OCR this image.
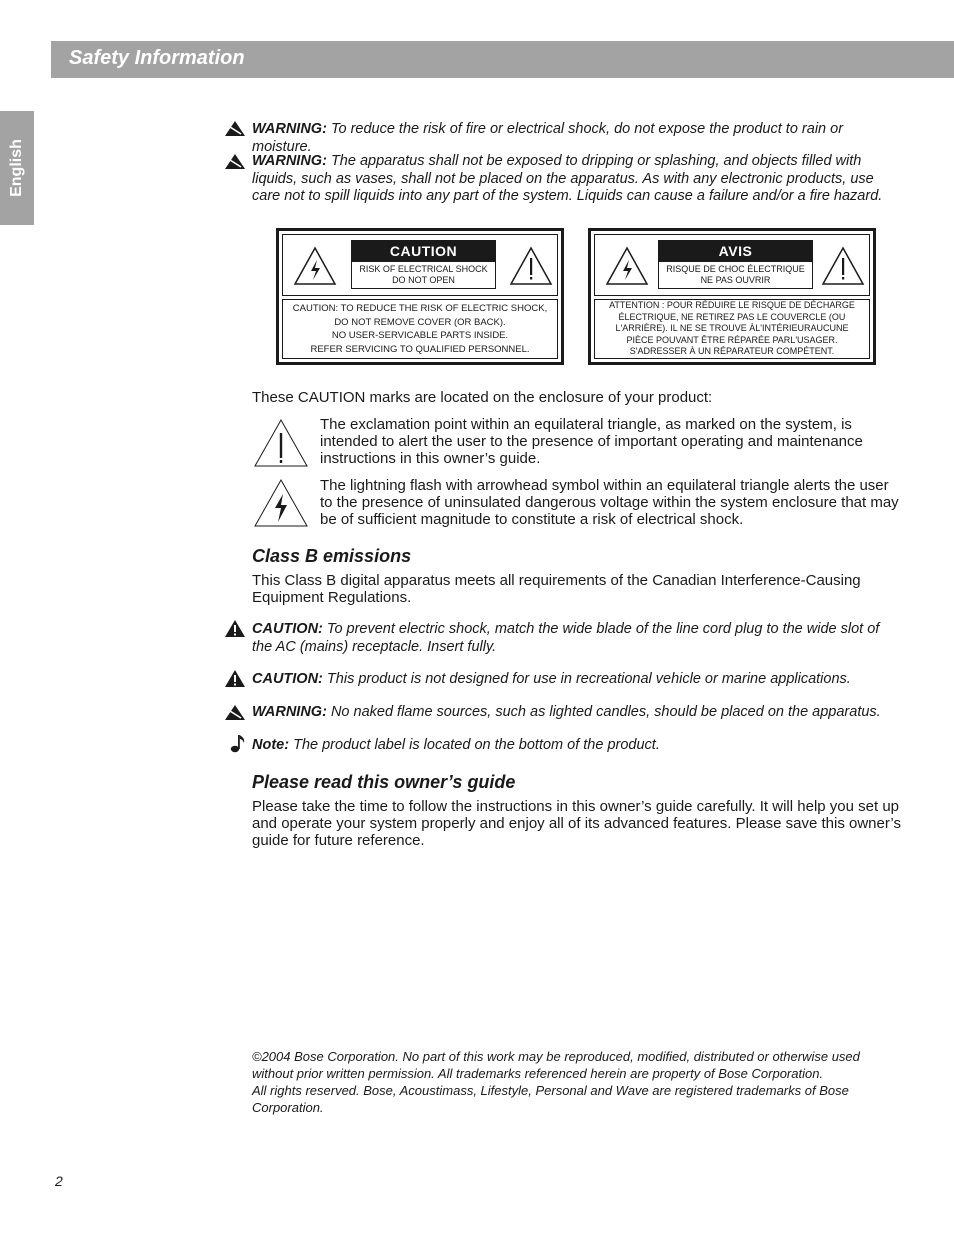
Safety Information
English
WARNING: To reduce the risk of fire or electrical shock, do not expose the product to rain or moisture.
WARNING: The apparatus shall not be exposed to dripping or splashing, and objects filled with liquids, such as vases, shall not be placed on the apparatus. As with any electronic products, use care not to spill liquids into any part of the system. Liquids can cause a failure and/or a fire hazard.
CAUTION
RISK OF ELECTRICAL SHOCK
DO NOT OPEN
CAUTION: TO REDUCE THE RISK OF ELECTRIC SHOCK,
DO NOT REMOVE COVER (OR BACK).
NO USER-SERVICABLE PARTS INSIDE.
REFER SERVICING TO QUALIFIED PERSONNEL.
AVIS
RISQUE DE CHOC ÉLECTRIQUE
NE PAS OUVRIR
ATTENTION : POUR RÉDUIRE LE RISQUE DE DÉCHARGE
ÉLECTRIQUE, NE RETIREZ PAS LE COUVERCLE (OU
L'ARRIÈRE). IL NE SE TROUVE ÀL'INTÉRIEURAUCUNE
PIÈCE POUVANT ÊTRE RÉPARÉE PARL'USAGER.
S'ADRESSER À UN RÉPARATEUR COMPÉTENT.

These CAUTION marks are located on the enclosure of your product:

The exclamation point within an equilateral triangle, as marked on the system, is intended to alert the user to the presence of important operating and maintenance instructions in this owner’s guide.

The lightning flash with arrowhead symbol within an equilateral triangle alerts the user to the presence of uninsulated dangerous voltage within the system enclosure that may be of sufficient magnitude to constitute a risk of electrical shock.

Class B emissions

This Class B digital apparatus meets all requirements of the Canadian Interference-Causing Equipment Regulations.

CAUTION: To prevent electric shock, match the wide blade of the line cord plug to the wide slot of the AC (mains) receptacle. Insert fully.
CAUTION: This product is not designed for use in recreational vehicle or marine applications.
WARNING: No naked flame sources, such as lighted candles, should be placed on the apparatus.
Note: The product label is located on the bottom of the product.
Please read this owner’s guide

Please take the time to follow the instructions in this owner’s guide carefully. It will help you set up and operate your system properly and enjoy all of its advanced features. Please save this owner’s guide for future reference.

©2004 Bose Corporation. No part of this work may be reproduced, modified, distributed or otherwise used without prior written permission. All trademarks referenced herein are property of Bose Corporation.

All rights reserved. Bose, Acoustimass, Lifestyle, Personal and Wave are registered trademarks of Bose Corporation.

2
